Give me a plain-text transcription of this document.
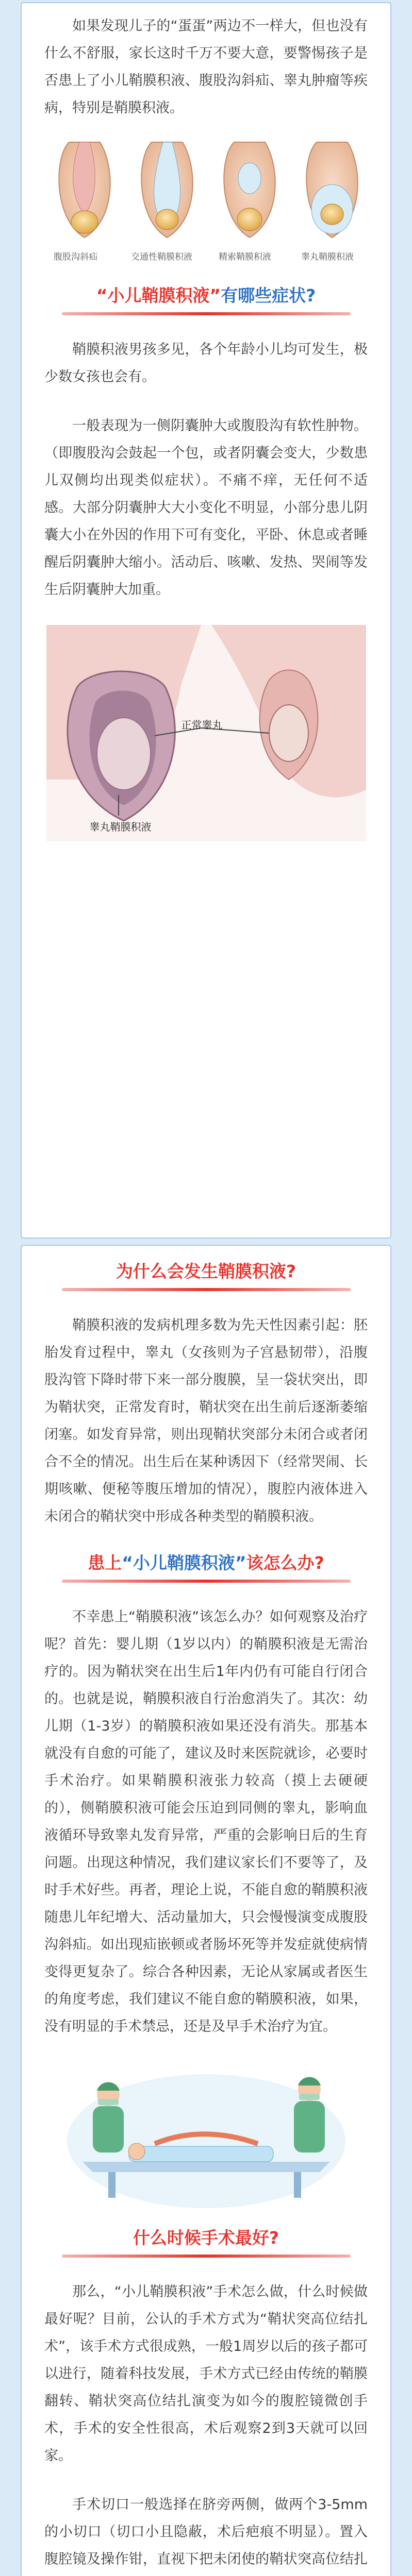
如果发现儿子的“蛋蛋”两边不一样大，但也没有什么不舒服，家长这时千万不要大意，要警惕孩子是否患上了小儿鞘膜积液、腹股沟斜疝、睾丸肿瘤等疾病，特别是鞘膜积液。

腹股沟斜疝	交通性鞘膜积液	精索鞘膜积液	睾丸鞘膜积液
“小儿鞘膜积液”有哪些症状?

鞘膜积液男孩多见，各个年龄小儿均可发生，极少数女孩也会有。

一般表现为一侧阴囊肿大或腹股沟有软性肿物。（即腹股沟会鼓起一个包，或者阴囊会变大，少数患儿双侧均出现类似症状）。不痛不痒，无任何不适感。大部分阴囊肿大大小变化不明显，小部分患儿阴囊大小在外因的作用下可有变化，平卧、休息或者睡醒后阴囊肿大缩小。活动后、咳嗽、发热、哭闹等发生后阴囊肿大加重。

正常睾丸
睾丸鞘膜积液
为什么会发生鞘膜积液?

鞘膜积液的发病机理多数为先天性因素引起：胚胎发育过程中，睾丸（女孩则为子宫悬韧带），沿腹股沟管下降时带下来一部分腹膜，呈一袋状突出，即为鞘状突，正常发育时，鞘状突在出生前后逐渐萎缩闭塞。如发育异常，则出现鞘状突部分未闭合或者闭合不全的情况。出生后在某种诱因下（经常哭闹、长期咳嗽、便秘等腹压增加的情况），腹腔内液体进入未闭合的鞘状突中形成各种类型的鞘膜积液。

患上“小儿鞘膜积液”该怎么办?

不幸患上“鞘膜积液”该怎么办？如何观察及治疗呢？首先：婴儿期（1岁以内）的鞘膜积液是无需治疗的。因为鞘状突在出生后1年内仍有可能自行闭合的。也就是说，鞘膜积液自行治愈消失了。其次：幼儿期（1-3岁）的鞘膜积液如果还没有消失。那基本就没有自愈的可能了，建议及时来医院就诊，必要时手术治疗。如果鞘膜积液张力较高（摸上去硬硬的），侧鞘膜积液可能会压迫到同侧的睾丸，影响血液循环导致睾丸发育异常，严重的会影响日后的生育问题。出现这种情况，我们建议家长们不要等了，及时手术好些。再者，理论上说，不能自愈的鞘膜积液随患儿年纪增大、活动量加大，只会慢慢演变成腹股沟斜疝。如出现疝嵌顿或者肠坏死等并发症就使病情变得更复杂了。综合各种因素，无论从家属或者医生的角度考虑，我们建议不能自愈的鞘膜积液，如果，没有明显的手术禁忌，还是及早手术治疗为宜。

什么时候手术最好?

那么，“小儿鞘膜积液”手术怎么做，什么时候做最好呢？目前，公认的手术方式为“鞘状突高位结扎术”，该手术方式很成熟，一般1周岁以后的孩子都可以进行，随着科技发展，手术方式已经由传统的鞘膜翻转、鞘状突高位结扎演变为如今的腹腔镜微创手术，手术的安全性很高，术后观察2到3天就可以回家。

手术切口一般选择在脐旁两侧，做两个3-5mm的小切口（切口小且隐蔽，术后疤痕不明显）。置入腹腔镜及操作钳，直视下把未闭使的鞘状突高位结扎
